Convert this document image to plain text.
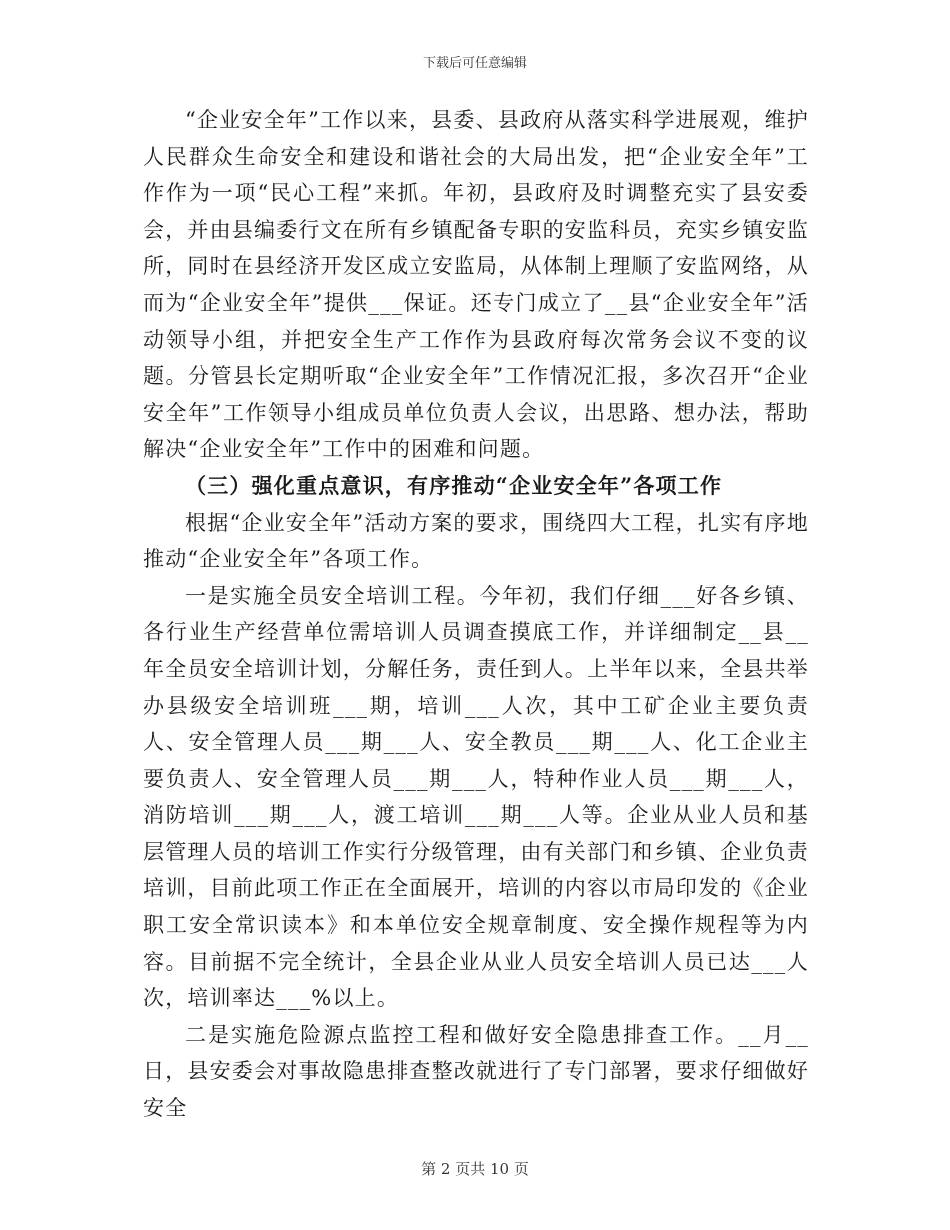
下载后可任意编辑

“企业安全年”工作以来，县委、县政府从落实科学进展观，维护人民群众生命安全和建设和谐社会的大局出发，把“企业安全年”工作作为一项“民心工程”来抓。年初，县政府及时调整充实了县安委会，并由县编委行文在所有乡镇配备专职的安监科员，充实乡镇安监所，同时在县经济开发区成立安监局，从体制上理顺了安监网络，从而为“企业安全年”提供___保证。还专门成立了__县“企业安全年”活动领导小组，并把安全生产工作作为县政府每次常务会议不变的议题。分管县长定期听取“企业安全年”工作情况汇报，多次召开“企业安全年”工作领导小组成员单位负责人会议，出思路、想办法，帮助解决“企业安全年”工作中的困难和问题。

（三）强化重点意识，有序推动“企业安全年”各项工作

根据“企业安全年”活动方案的要求，围绕四大工程，扎实有序地推动“企业安全年”各项工作。

一是实施全员安全培训工程。今年初，我们仔细___好各乡镇、各行业生产经营单位需培训人员调查摸底工作，并详细制定__县__年全员安全培训计划，分解任务，责任到人。上半年以来，全县共举办县级安全培训班___期，培训___人次，其中工矿企业主要负责人、安全管理人员___期___人、安全教员___期___人、化工企业主要负责人、安全管理人员___期___人，特种作业人员___期___人，消防培训___期___人，渡工培训___期___人等。企业从业人员和基层管理人员的培训工作实行分级管理，由有关部门和乡镇、企业负责培训，目前此项工作正在全面展开，培训的内容以市局印发的《企业职工安全常识读本》和本单位安全规章制度、安全操作规程等为内容。目前据不完全统计，全县企业从业人员安全培训人员已达___人次，培训率达___%以上。

二是实施危险源点监控工程和做好安全隐患排查工作。__月__日，县安委会对事故隐患排查整改就进行了专门部署，要求仔细做好安全

第 2 页共 10 页
